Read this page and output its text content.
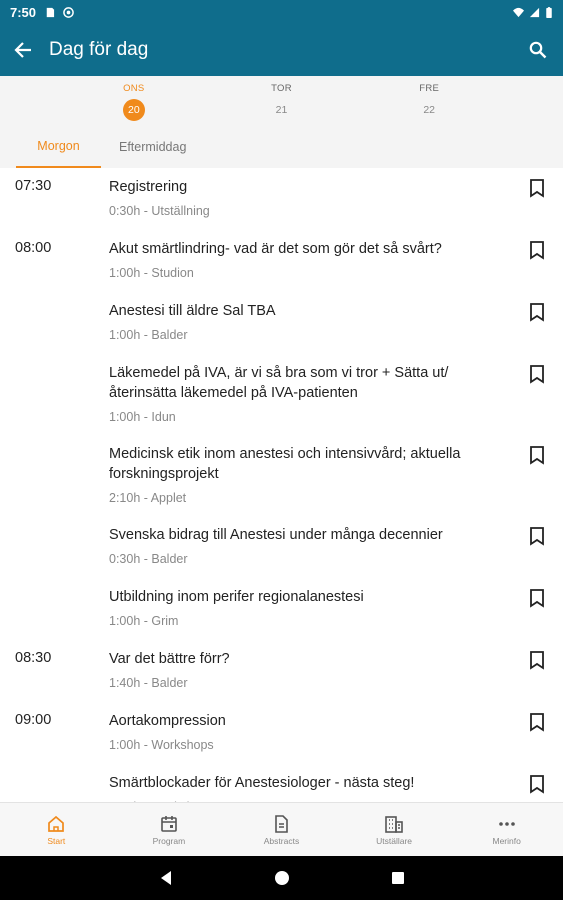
7:50
Dag för dag
ONS
20
TOR
21
FRE
22
Morgon	Eftermiddag
07:30	Registrering
0:30h - Utställning
08:00	Akut smärtlindring- vad är det som gör det så svårt?
1:00h - Studion
Anestesi till äldre Sal TBA
1:00h - Balder
Läkemedel på IVA, är vi så bra som vi tror + Sätta ut/ återinsätta läkemedel på IVA-patienten
1:00h - Idun
Medicinsk etik inom anestesi och intensivvård; aktuella forskningsprojekt
2:10h - Applet
Svenska bidrag till Anestesi under många decennier
0:30h - Balder
Utbildning inom perifer regionalanestesi
1:00h - Grim
08:30	Var det bättre förr?
1:40h - Balder
09:00	Aortakompression
1:00h - Workshops
Smärtblockader för Anestesiologer - nästa steg!
Start	Program	Abstracts	Utställare	Merinfo
